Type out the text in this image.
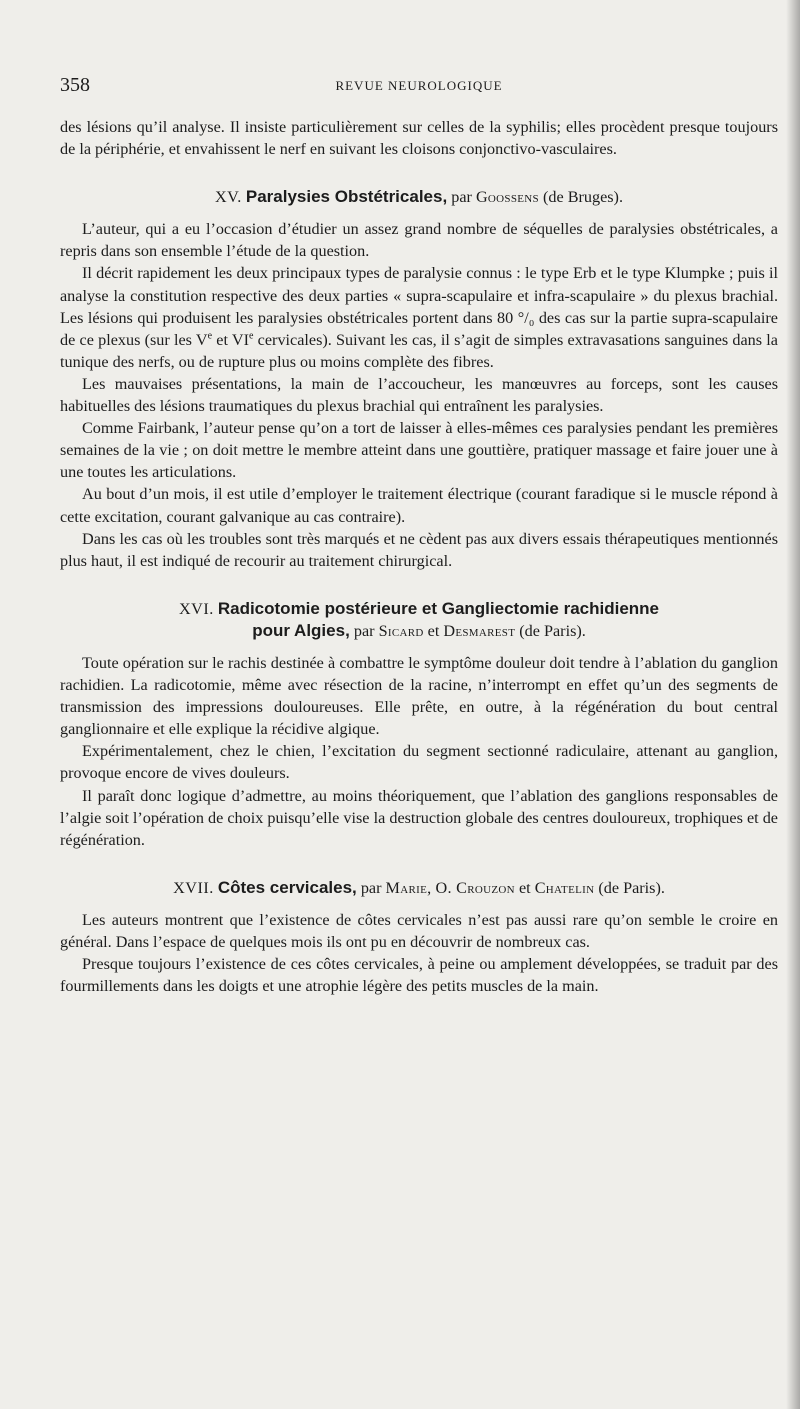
358	REVUE NEUROLOGIQUE

des lésions qu’il analyse. Il insiste particulièrement sur celles de la syphilis; elles procèdent presque toujours de la périphérie, et envahissent le nerf en suivant les cloisons conjonctivo-vasculaires.

XV. Paralysies Obstétricales, par Goossens (de Bruges).

L’auteur, qui a eu l’occasion d’étudier un assez grand nombre de séquelles de paralysies obstétricales, a repris dans son ensemble l’étude de la question.

Il décrit rapidement les deux principaux types de paralysie connus : le type Erb et le type Klumpke ; puis il analyse la constitution respective des deux parties « supra-scapulaire et infra-scapulaire » du plexus brachial. Les lésions qui produisent les paralysies obstétricales portent dans 80 °/₀ des cas sur la partie supra-scapulaire de ce plexus (sur les Ve et VIe cervicales). Suivant les cas, il s’agit de simples extravasations sanguines dans la tunique des nerfs, ou de rupture plus ou moins complète des fibres.

Les mauvaises présentations, la main de l’accoucheur, les manœuvres au forceps, sont les causes habituelles des lésions traumatiques du plexus brachial qui entraînent les paralysies.

Comme Fairbank, l’auteur pense qu’on a tort de laisser à elles-mêmes ces paralysies pendant les premières semaines de la vie ; on doit mettre le membre atteint dans une gouttière, pratiquer massage et faire jouer une à une toutes les articulations.

Au bout d’un mois, il est utile d’employer le traitement électrique (courant faradique si le muscle répond à cette excitation, courant galvanique au cas contraire).

Dans les cas où les troubles sont très marqués et ne cèdent pas aux divers essais thérapeutiques mentionnés plus haut, il est indiqué de recourir au traitement chirurgical.

XVI. Radicotomie postérieure et Gangliectomie rachidienne
pour Algies, par Sicard et Desmarest (de Paris).

Toute opération sur le rachis destinée à combattre le symptôme douleur doit tendre à l’ablation du ganglion rachidien. La radicotomie, même avec résection de la racine, n’interrompt en effet qu’un des segments de transmission des impressions douloureuses. Elle prête, en outre, à la régénération du bout central ganglionnaire et elle explique la récidive algique.

Expérimentalement, chez le chien, l’excitation du segment sectionné radiculaire, attenant au ganglion, provoque encore de vives douleurs.

Il paraît donc logique d’admettre, au moins théoriquement, que l’ablation des ganglions responsables de l’algie soit l’opération de choix puisqu’elle vise la destruction globale des centres douloureux, trophiques et de régénération.

XVII. Côtes cervicales, par Marie, O. Crouzon et Chatelin (de Paris).

Les auteurs montrent que l’existence de côtes cervicales n’est pas aussi rare qu’on semble le croire en général. Dans l’espace de quelques mois ils ont pu en découvrir de nombreux cas.

Presque toujours l’existence de ces côtes cervicales, à peine ou amplement développées, se traduit par des fourmillements dans les doigts et une atrophie légère des petits muscles de la main.
